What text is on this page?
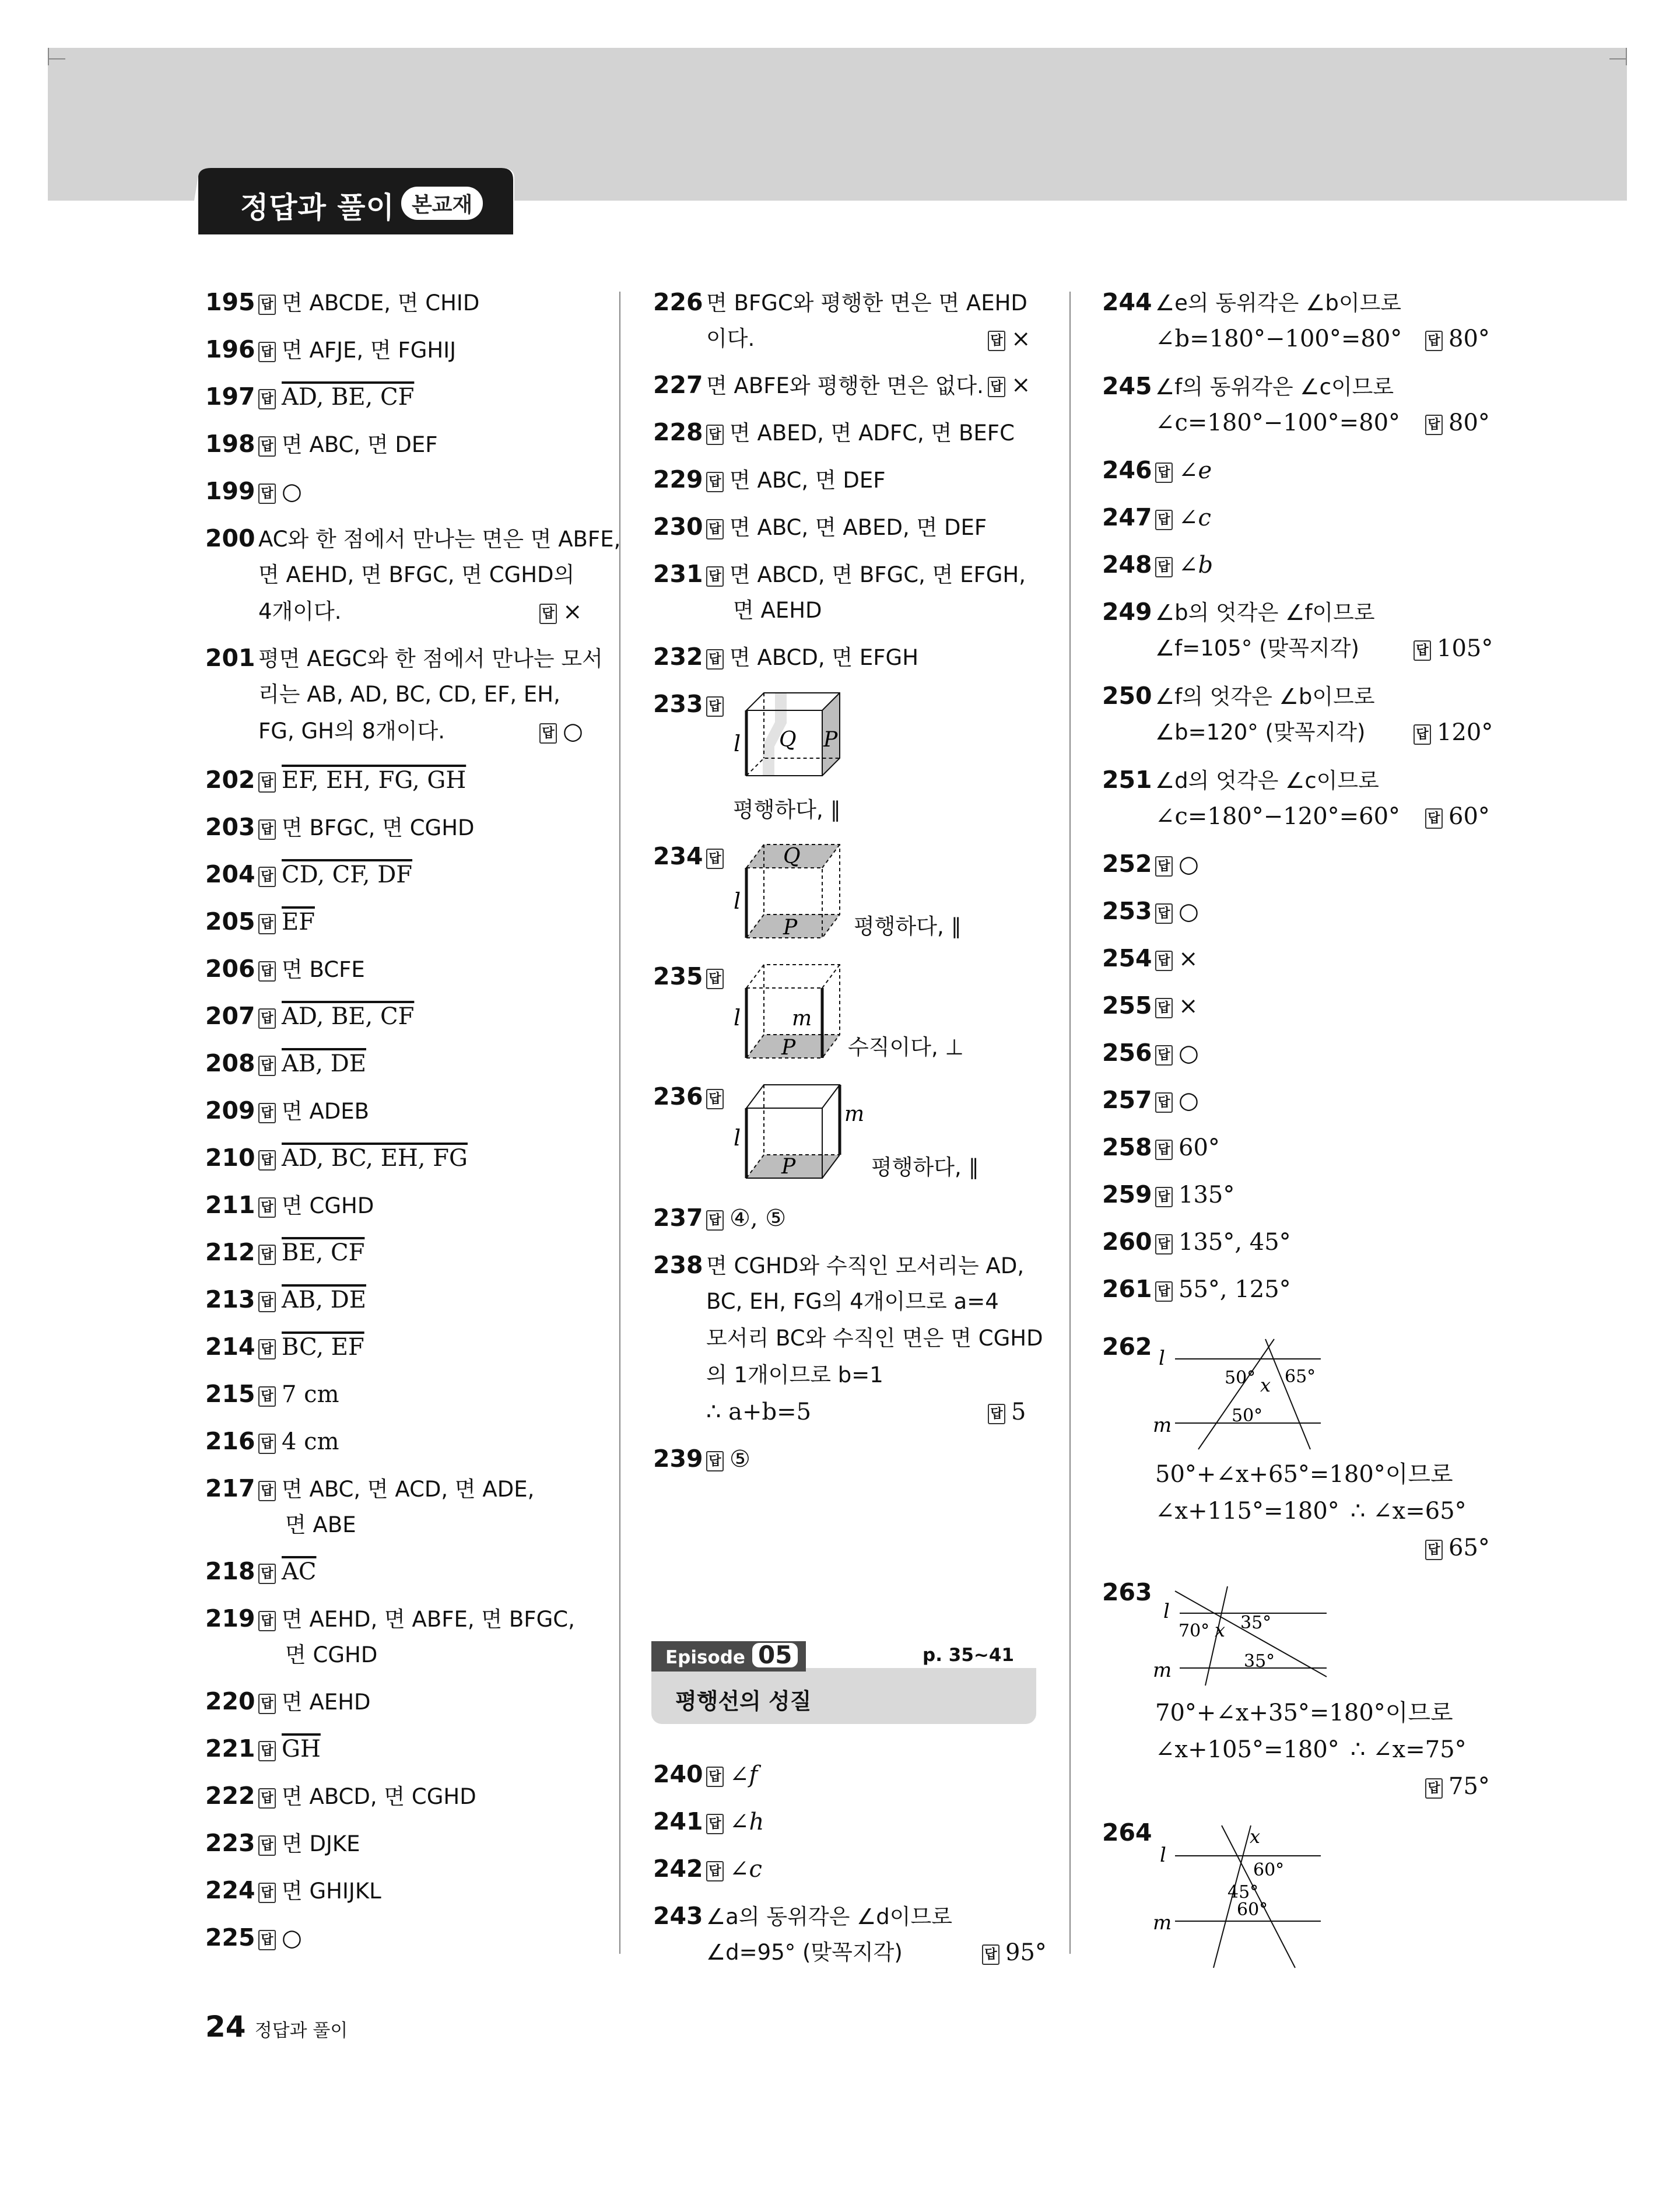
정답과 풀이 본교재
195 답 면 ABCDE, 면 CHID
196 답 면 AFJE, 면 FGHIJ
197 답 AD, BE, CF
198 답 면 ABC, 면 DEF
199 답 ○
200 AC와 한 점에서 만나는 면은 면 ABFE,
면 AEHD, 면 BFGC, 면 CGHD의
4개이다.	답 ×
201 평면 AEGC와 한 점에서 만나는 모서
리는 AB, AD, BC, CD, EF, EH,
FG, GH의 8개이다.	답 ○
202 답 EF, EH, FG, GH
203 답 면 BFGC, 면 CGHD
204 답 CD, CF, DF
205 답 $\overline{EF}$
206 답 면 BCFE
207 답 AD, BE, CF
208 답 AB, DE
209 답 면 ADEB
210 답 AD, BC, EH, FG
211 답 면 CGHD
212 답 BE, CF
213 답 AB, DE
214 답 BC, EF
215 답 7 cm
216 답 4 cm
217 답 면 ABC, 면 ACD, 면 ADE,
면 ABE
218 답 $\overline{AC}$
219 답 면 AEHD, 면 ABFE, 면 BFGC,
면 CGHD
220 답 면 AEHD
221 답 $\overline{GH}$
222 답 면 ABCD, 면 CGHD
223 답 면 DJKE
224 답 면 GHIJKL
225 답 ○
226 면 BFGC와 평행한 면은 면 AEHD
이다.	답 ×
227 면 ABFE와 평행한 면은 없다. 답 ×
228 답 면 ABED, 면 ADFC, 면 BEFC
229 답 면 ABC, 면 DEF
230 답 면 ABC, 면 ABED, 면 DEF
231 답 면 ABCD, 면 BFGC, 면 EFGH,
면 AEHD
232 답 면 ABCD, 면 EFGH
233 답
l Q P
평행하다, ∥
234 답
l
Q
P	평행하다, ∥
235 답
l m
P 수직이다, ⊥
236 답
l
m
P	평행하다, ∥
237 답 ④, ⑤
238 면 CGHD와 수직인 모서리는 AD,
BC, EH, FG의 4개이므로 a=4
모서리 BC와 수직인 면은 면 CGHD
의 1개이므로 b=1
∴ a+b=5	답 5
239 답 ⑤
Episode 05	p. 35~41
평행선의 성질
240 답 ∠f
241 답 ∠h
242 답 ∠c
243 ∠a의 동위각은 ∠d이므로
∠d=95° (맞꼭지각)	답 95°
244 ∠e의 동위각은 ∠b이므로
∠b=180°−100°=80° 답 80°
245 ∠f의 동위각은 ∠c이므로
∠c=180°−100°=80° 답 80°
246 답 ∠e
247 답 ∠c
248 답 ∠b
249 ∠b의 엇각은 ∠f이므로
∠f=105° (맞꼭지각)	답 105°
250 ∠f의 엇각은 ∠b이므로
∠b=120° (맞꼭지각)	답 120°
251 ∠d의 엇각은 ∠c이므로
∠c=180°−120°=60° 답 60°
252 답 ○
253 답 ○
254 답 ×
255 답 ×
256 답 ○
257 답 ○
258 답 60°
259 답 135°
260 답 135°, 45°
261 답 55°, 125°
262 l
m
50° 65°
x
50°
50°+∠x+65°=180°이므로
∠x+115°=180° ∴ ∠x=65°
답 65°
263
l
m
70° x 35°
35°
70°+∠x+35°=180°이므로
∠x+105°=180° ∴ ∠x=75°
답 75°
264
l
m
x
60°
45°
60°
24 정답과 풀이
